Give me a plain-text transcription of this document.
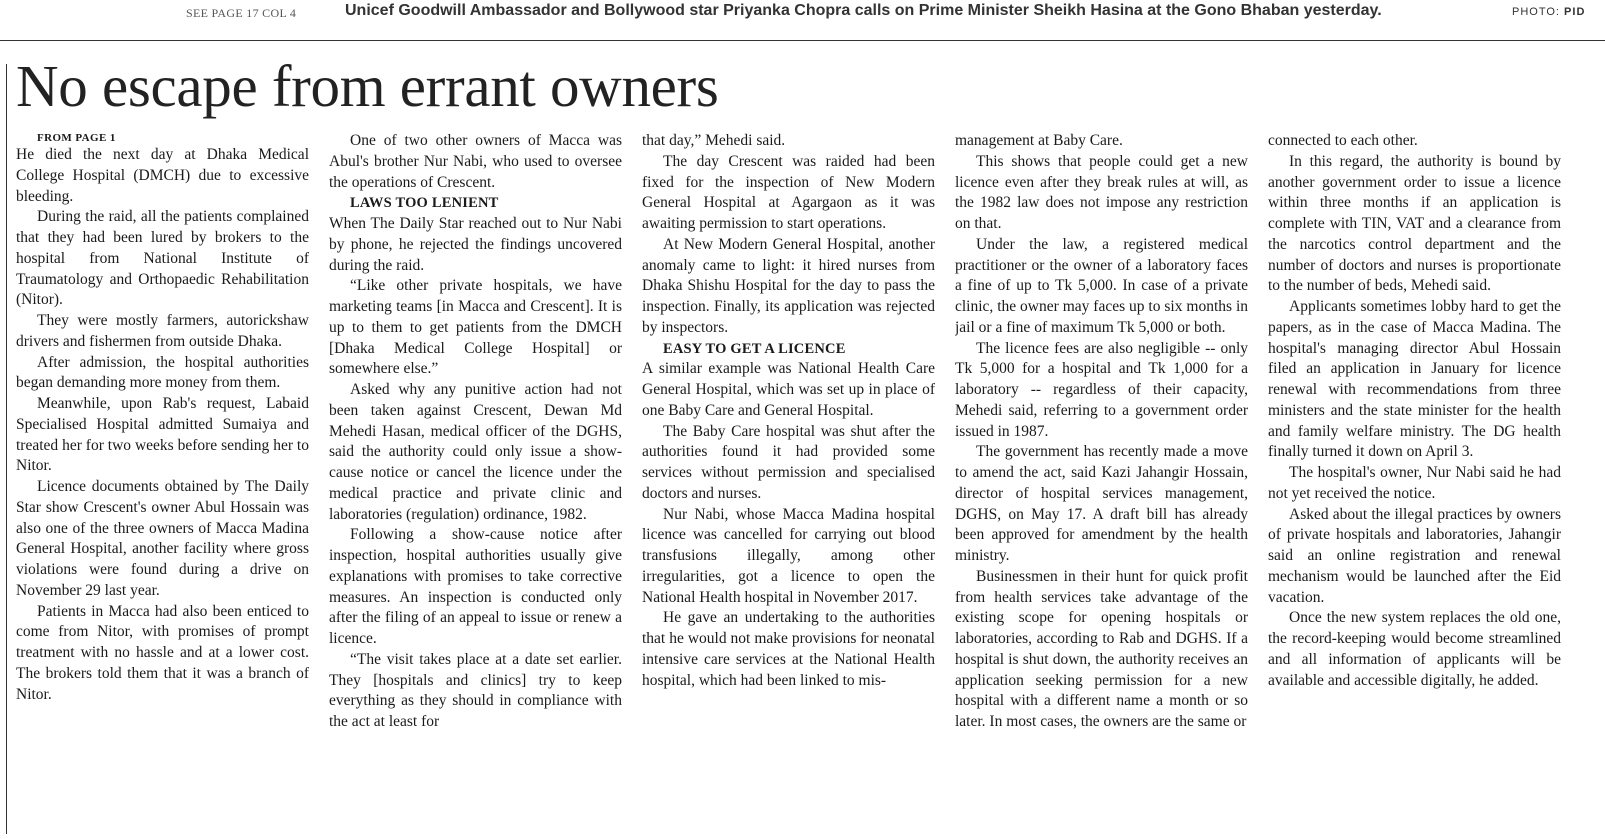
SEE PAGE 17 COL 4	Unicef Goodwill Ambassador and Bollywood star Priyanka Chopra calls on Prime Minister Sheikh Hasina at the Gono Bhaban yesterday.	PHOTO: PID
No escape from errant owners

FROM PAGE 1

He died the next day at Dhaka Medical College Hospital (DMCH) due to excessive bleeding.

During the raid, all the patients complained that they had been lured by brokers to the hospital from National Institute of Traumatology and Orthopaedic Rehabilitation (Nitor).

They were mostly farmers, autorickshaw drivers and fishermen from outside Dhaka.

After admission, the hospital authorities began demanding more money from them.

Meanwhile, upon Rab's request, Labaid Specialised Hospital admitted Sumaiya and treated her for two weeks before sending her to Nitor.

Licence documents obtained by The Daily Star show Crescent's owner Abul Hossain was also one of the three owners of Macca Madina General Hospital, another facility where gross violations were found during a drive on November 29 last year.

Patients in Macca had also been enticed to come from Nitor, with promises of prompt treatment with no hassle and at a lower cost. The brokers told them that it was a branch of Nitor.

One of two other owners of Macca was Abul's brother Nur Nabi, who used to oversee the operations of Crescent.

LAWS TOO LENIENT

When The Daily Star reached out to Nur Nabi by phone, he rejected the findings uncovered during the raid.

“Like other private hospitals, we have marketing teams [in Macca and Crescent]. It is up to them to get patients from the DMCH [Dhaka Medical College Hospital] or somewhere else.”

Asked why any punitive action had not been taken against Crescent, Dewan Md Mehedi Hasan, medical officer of the DGHS, said the authority could only issue a show-cause notice or cancel the licence under the medical practice and private clinic and laboratories (regulation) ordinance, 1982.

Following a show-cause notice after inspection, hospital authorities usually give explanations with promises to take corrective measures. An inspection is conducted only after the filing of an appeal to issue or renew a licence.

“The visit takes place at a date set earlier. They [hospitals and clinics] try to keep everything as they should in compliance with the act at least for

that day,” Mehedi said.

The day Crescent was raided had been fixed for the inspection of New Modern General Hospital at Agargaon as it was awaiting permission to start operations.

At New Modern General Hospital, another anomaly came to light: it hired nurses from Dhaka Shishu Hospital for the day to pass the inspection. Finally, its application was rejected by inspectors.

EASY TO GET A LICENCE

A similar example was National Health Care General Hospital, which was set up in place of one Baby Care and General Hospital.

The Baby Care hospital was shut after the authorities found it had provided some services without permission and specialised doctors and nurses.

Nur Nabi, whose Macca Madina hospital licence was cancelled for carrying out blood transfusions illegally, among other irregularities, got a licence to open the National Health hospital in November 2017.

He gave an undertaking to the authorities that he would not make provisions for neonatal intensive care services at the National Health hospital, which had been linked to mis-

management at Baby Care.

This shows that people could get a new licence even after they break rules at will, as the 1982 law does not impose any restriction on that.

Under the law, a registered medical practitioner or the owner of a laboratory faces a fine of up to Tk 5,000. In case of a private clinic, the owner may faces up to six months in jail or a fine of maximum Tk 5,000 or both.

The licence fees are also negligible -- only Tk 5,000 for a hospital and Tk 1,000 for a laboratory -- regardless of their capacity, Mehedi said, referring to a government order issued in 1987.

The government has recently made a move to amend the act, said Kazi Jahangir Hossain, director of hospital services management, DGHS, on May 17. A draft bill has already been approved for amendment by the health ministry.

Businessmen in their hunt for quick profit from health services take advantage of the existing scope for opening hospitals or laboratories, according to Rab and DGHS. If a hospital is shut down, the authority receives an application seeking permission for a new hospital with a different name a month or so later. In most cases, the owners are the same or

connected to each other.

In this regard, the authority is bound by another government order to issue a licence within three months if an application is complete with TIN, VAT and a clearance from the narcotics control department and the number of doctors and nurses is proportionate to the number of beds, Mehedi said.

Applicants sometimes lobby hard to get the papers, as in the case of Macca Madina. The hospital's managing director Abul Hossain filed an application in January for licence renewal with recommendations from three ministers and the state minister for the health and family welfare ministry. The DG health finally turned it down on April 3.

The hospital's owner, Nur Nabi said he had not yet received the notice.

Asked about the illegal practices by owners of private hospitals and laboratories, Jahangir said an online registration and renewal mechanism would be launched after the Eid vacation.

Once the new system replaces the old one, the record-keeping would become streamlined and all information of applicants will be available and accessible digitally, he added.
